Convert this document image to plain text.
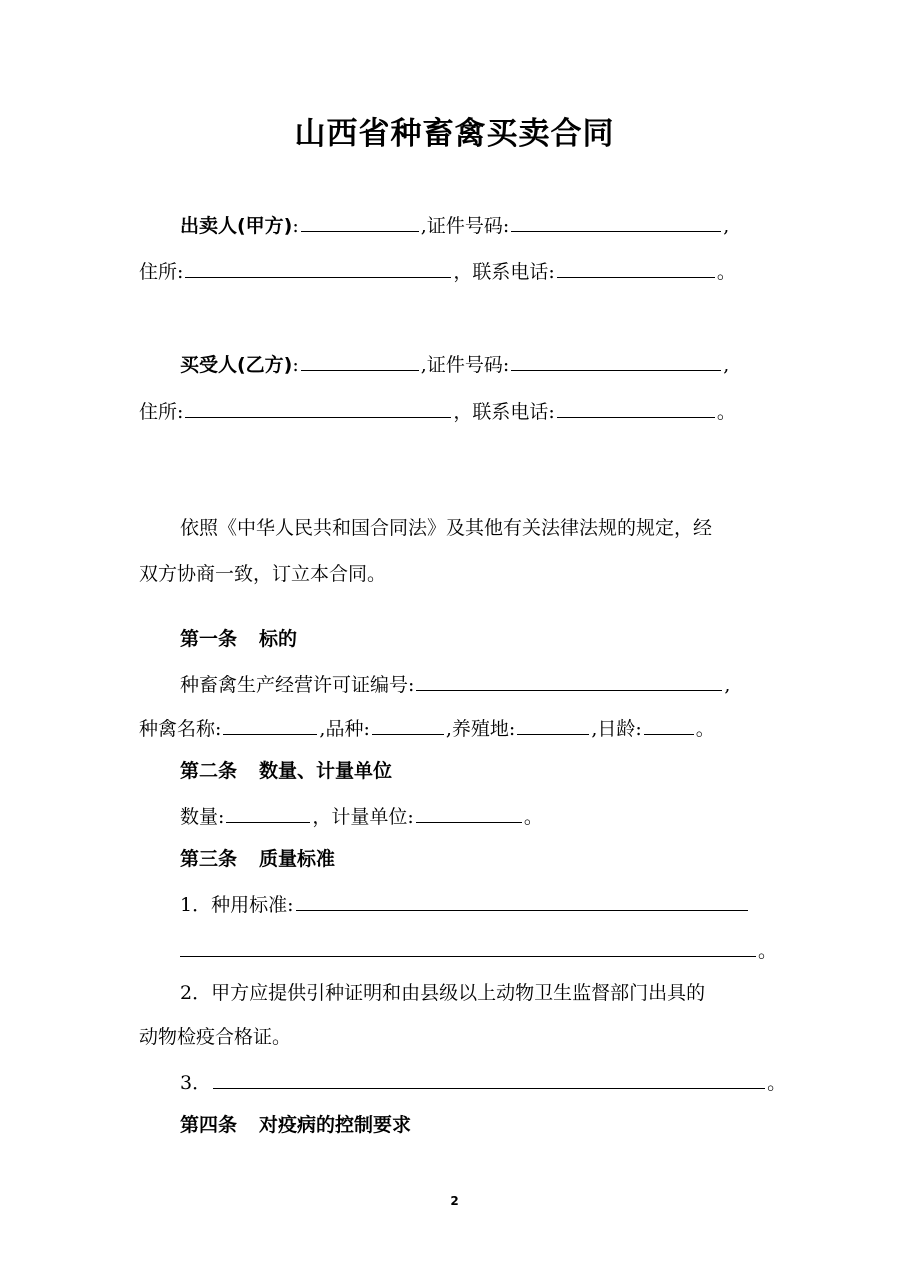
山西省种畜禽买卖合同
出卖人(甲方):	,证件号码:	,
住所:	，联系电话:	。
买受人(乙方):	,证件号码:	,
住所:	，联系电话:	。
依照《中华人民共和国合同法》及其他有关法律法规的规定，经
双方协商一致，订立本合同。
第一条 标的
种畜禽生产经营许可证编号:	,
种禽名称:	,品种:	,养殖地:	,日龄:	。
第二条 数量、计量单位
数量:	，计量单位:	。
第三条 质量标准
1．种用标准:
。
2．甲方应提供引种证明和由县级以上动物卫生监督部门出具的
动物检疫合格证。
3．	。
第四条 对疫病的控制要求
2
